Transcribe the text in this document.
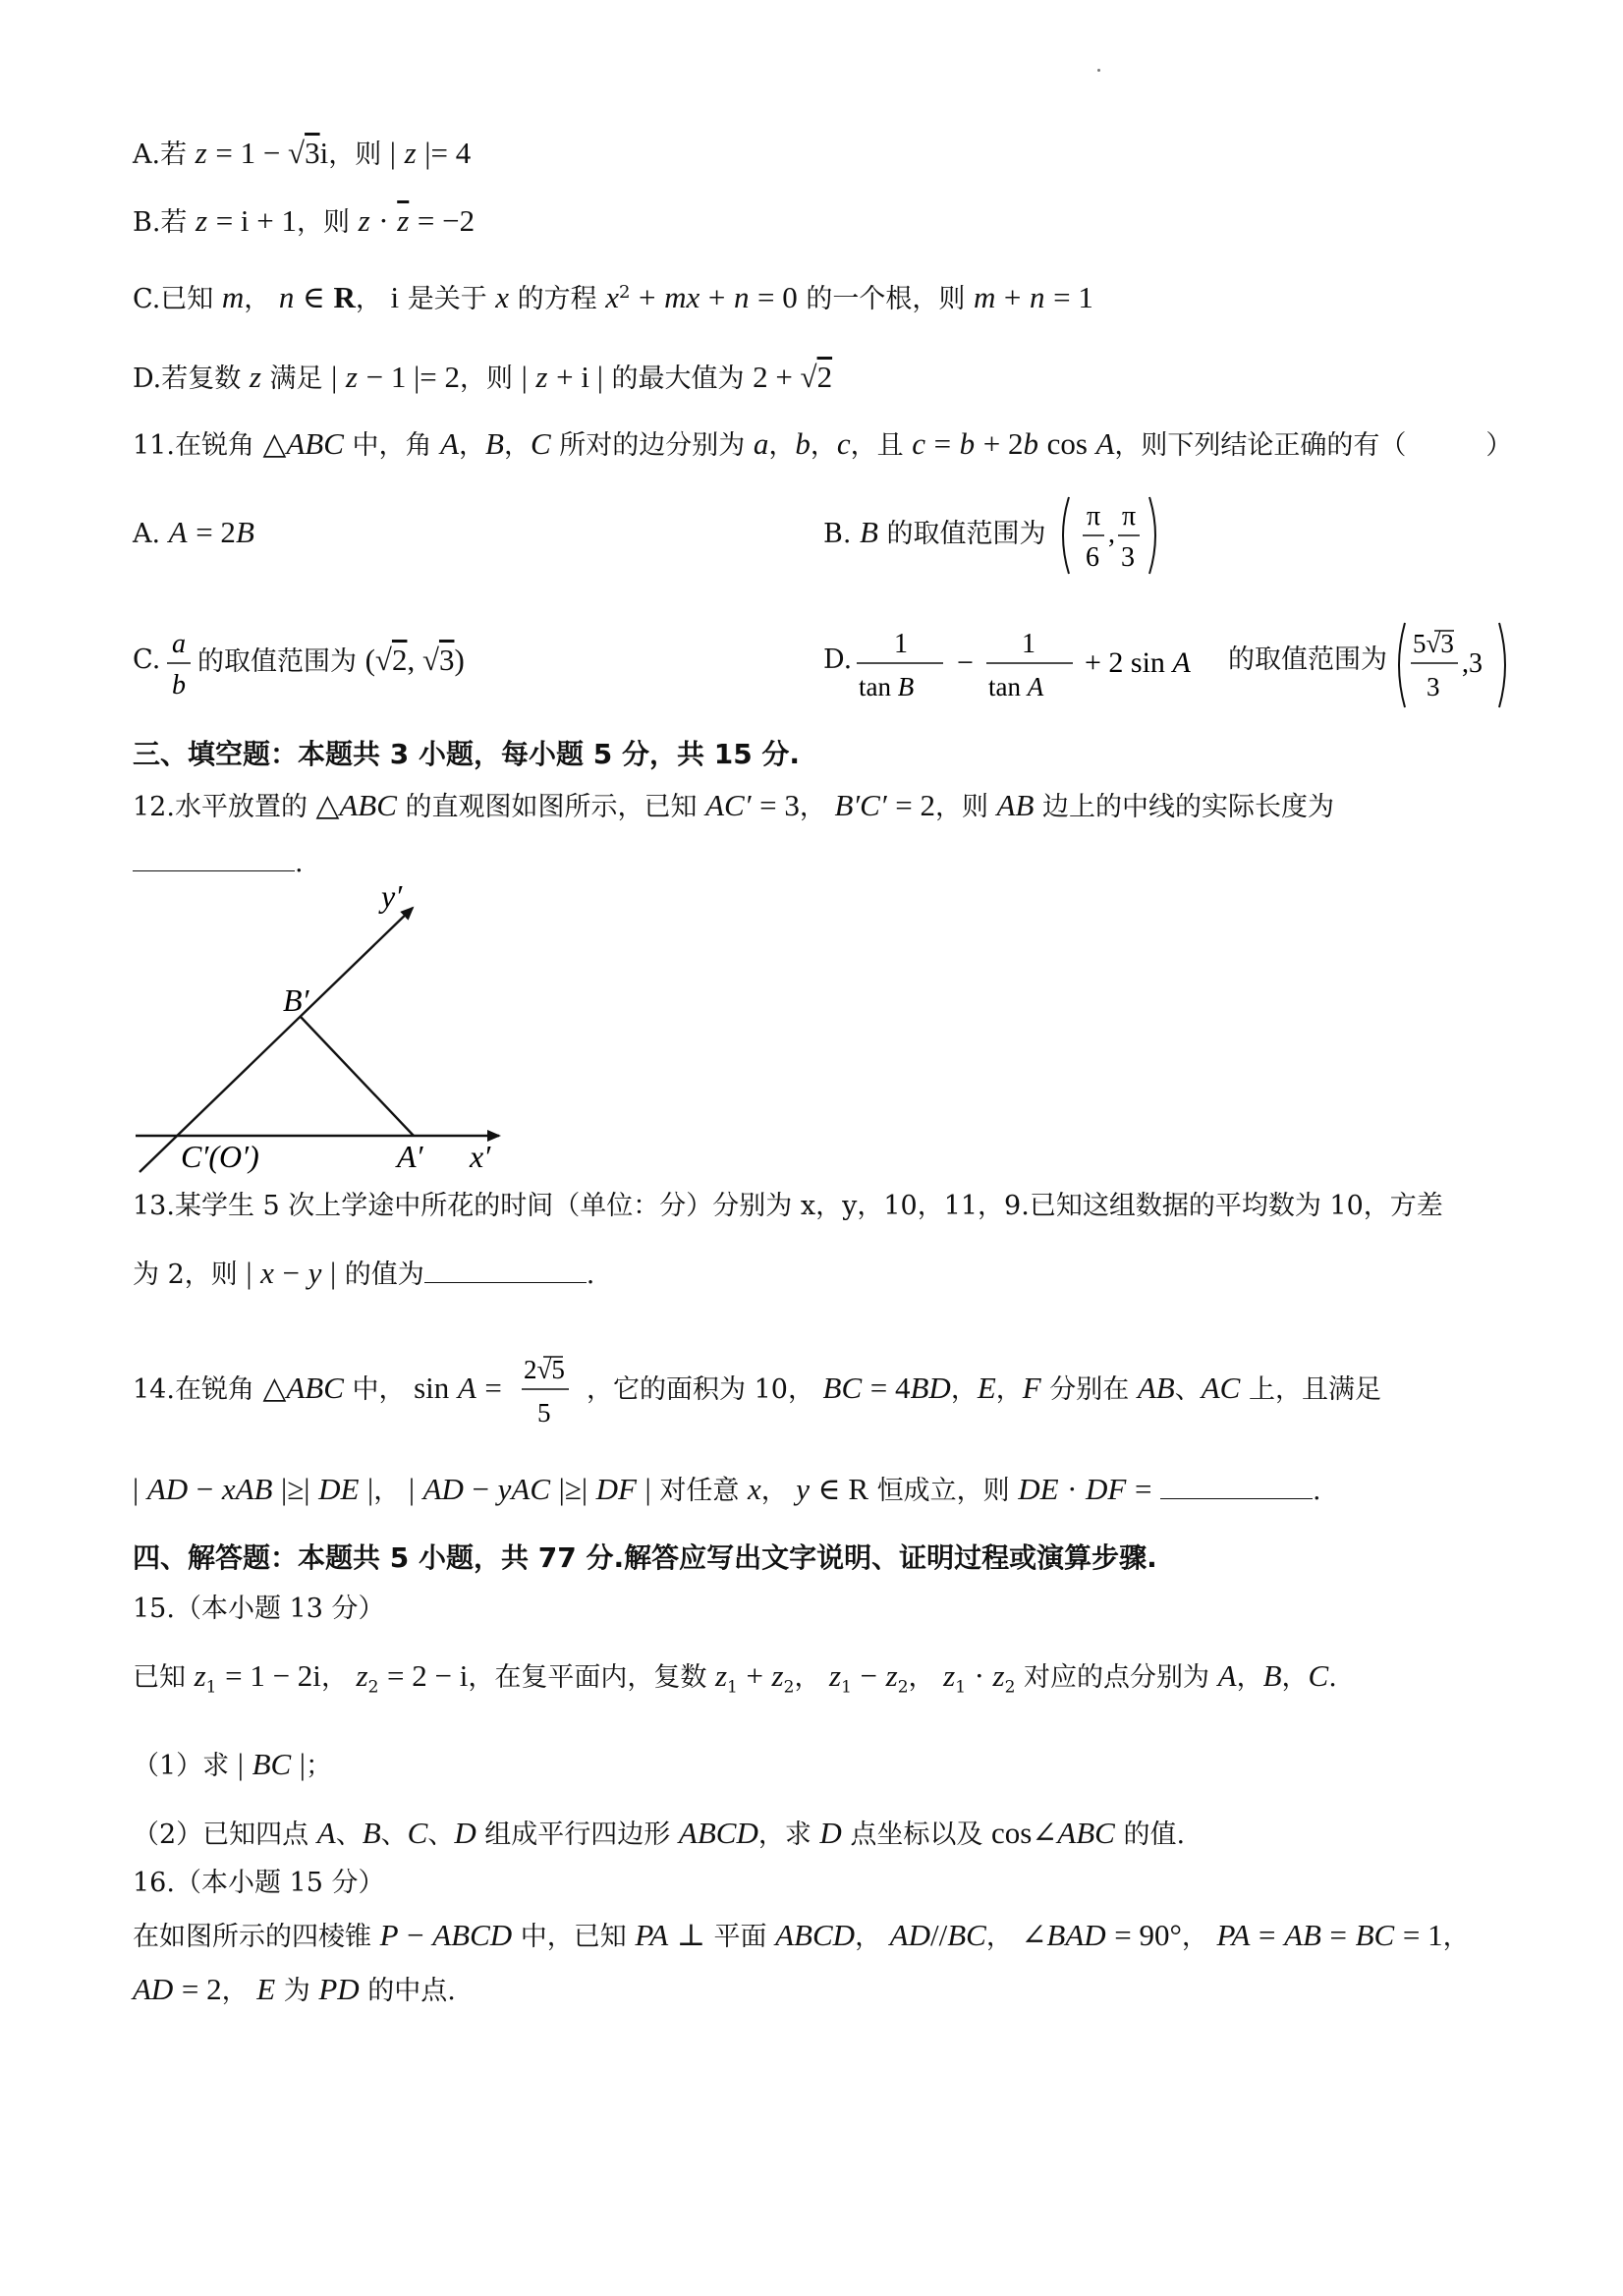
A.若 z = 1 − √3i，则 | z |= 4
B.若 z = i + 1，则 $z \cdot \overline{z} = -2$
C.已知 m， n ∈ R， i 是关于 x 的方程 $x^2$ + mx + n = 0 的一个根，则 m + n = 1
D.若复数 z 满足 | z − 1 |= 2，则 | z + i | 的最大值为 2 + √2
11.在锐角 △ABC 中，角 A，B，C 所对的边分别为 a，b，c，且 c = b + 2b cos A，则下列结论正确的有（　　　）
A. A = 2B	B. B 的取值范围为
π
6
,
π
3
C.
a
b
的取值范围为 (√2, √3)	D.
1
tan B
−
1
tan A
+ 2 sin A 的取值范围为
5√3
3
,3
三、填空题：本题共 3 小题，每小题 5 分，共 15 分.
12.水平放置的 △ABC 的直观图如图所示，已知 AC′ = 3， B′C′ = 2，则 AB 边上的中线的实际长度为
.
y′
B′
C′(O′)	A′ x′
13.某学生 5 次上学途中所花的时间（单位：分）分别为 x，y，10，11，9.已知这组数据的平均数为 10，方差
为 2，则 | x − y | 的值为	.
14.在锐角 △ABC 中， sin A =
2√5
5
，它的面积为 10， BC = 4BD，E，F 分别在 AB、AC 上，且满足
| AD − xAB |≥| DE |， | AD − yAC |≥| DF | 对任意 x， y ∈ R 恒成立，则 DE · DF =	.
四、解答题：本题共 5 小题，共 77 分.解答应写出文字说明、证明过程或演算步骤.
15.（本小题 13 分）
已知 $z_1 = 1 - 2i$， $z_2 = 2 - i$，在复平面内，复数 $z_1 + z_2$， $z_1 - z_2$， $z_1 \cdot z_2$ 对应的点分别为 A，B，C.
（1）求 | BC |；
（2）已知四点 A、B、C、D 组成平行四边形 ABCD，求 D 点坐标以及 cos∠ABC 的值.
16.（本小题 15 分）
在如图所示的四棱锥 P − ABCD 中，已知 PA ⊥ 平面 ABCD， AD//BC， ∠BAD = 90°， PA = AB = BC = 1，
AD = 2， E 为 PD 的中点.
